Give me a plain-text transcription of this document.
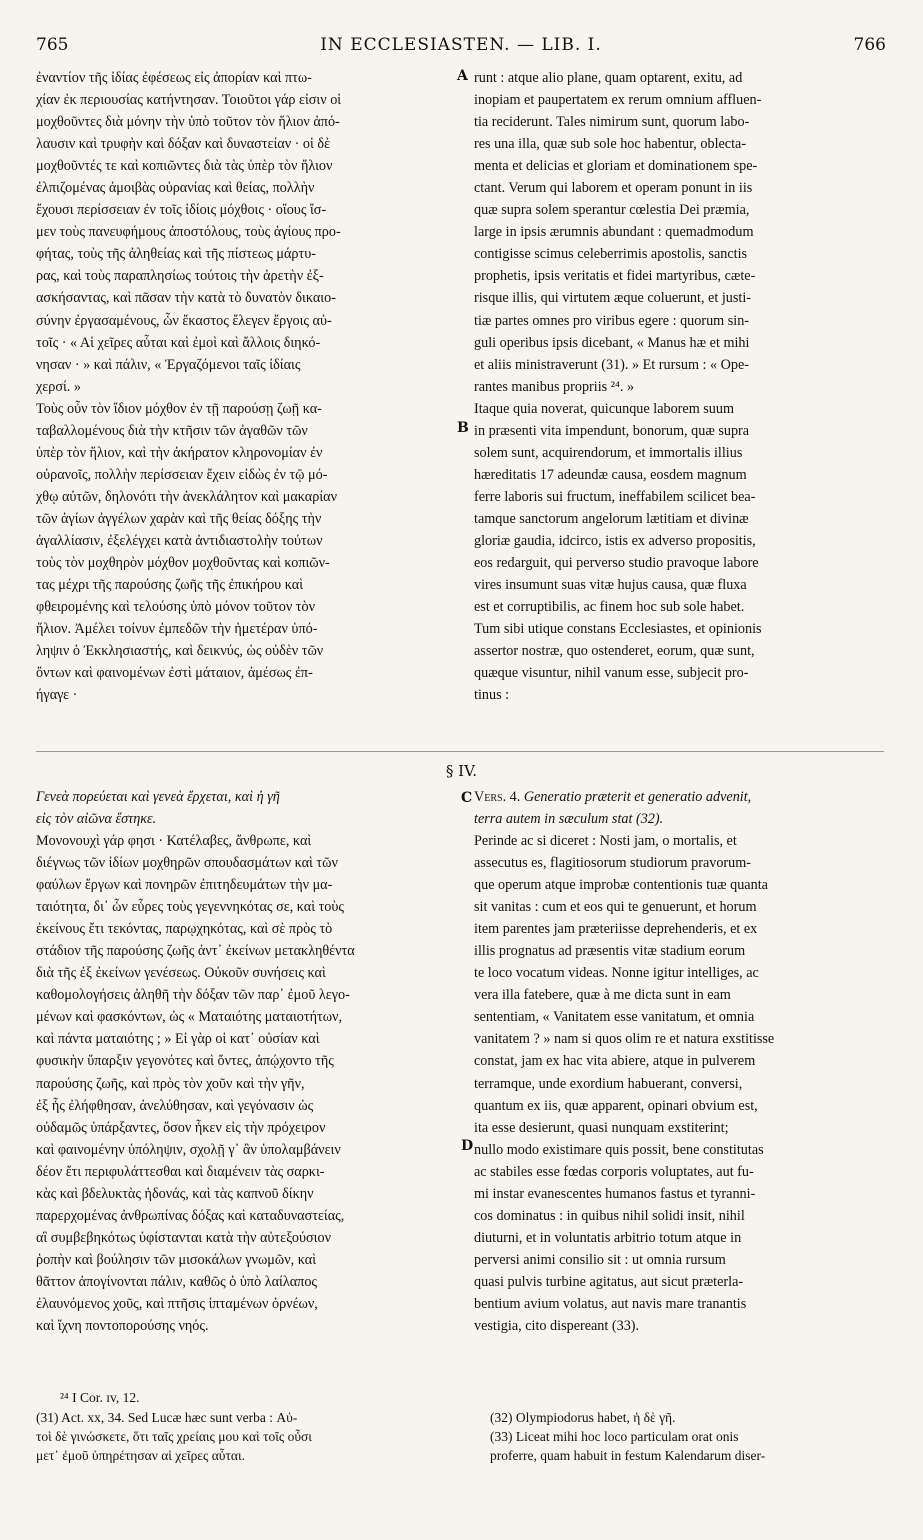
765	IN ECCLESIASTEN. — LIB. I.	766

ἐναντίον τῆς ἰδίας ἐφέσεως εἰς ἀπορίαν καὶ πτω-
χίαν ἐκ περιουσίας κατήντησαν. Τοιοῦτοι γάρ εἰσιν οἱ
μοχθοῦντες διὰ μόνην τὴν ὑπὸ τοῦτον τὸν ἥλιον ἀπό-
λαυσιν καὶ τρυφὴν καὶ δόξαν καὶ δυναστείαν · οἱ δὲ
μοχθοῦντές τε καὶ κοπιῶντες διὰ τὰς ὑπὲρ τὸν ἥλιον
ἐλπιζομένας ἀμοιβὰς οὐρανίας καὶ θείας, πολλὴν
ἔχουσι περίσσειαν ἐν τοῖς ἰδίοις μόχθοις · οἵους ἴσ-
μεν τοὺς πανευφήμους ἀποστόλους, τοὺς ἁγίους προ-
φήτας, τοὺς τῆς ἀληθείας καὶ τῆς πίστεως μάρτυ-
ρας, καὶ τοὺς παραπλησίως τούτοις τὴν ἀρετὴν ἐξ-
ασκήσαντας, καὶ πᾶσαν τὴν κατὰ τὸ δυνατὸν δικαιο-
σύνην ἐργασαμένους, ὧν ἕκαστος ἔλεγεν ἔργοις αὐ-
τοῖς · « Αἱ χεῖρες αὗται καὶ ἐμοὶ καὶ ἄλλοις διηκό-
νησαν · » καὶ πάλιν, « Ἐργαζόμενοι ταῖς ἰδίαις
χερσί. »
Τοὺς οὖν τὸν ἴδιον μόχθον ἐν τῇ παρούσῃ ζωῇ κα-
ταβαλλομένους διὰ τὴν κτῆσιν τῶν ἀγαθῶν τῶν
ὑπὲρ τὸν ἥλιον, καὶ τὴν ἀκήρατον κληρονομίαν ἐν
οὐρανοῖς, πολλὴν περίσσειαν ἔχειν εἰδὼς ἐν τῷ μό-
χθῳ αὐτῶν, δηλονότι τὴν ἀνεκλάλητον καὶ μακαρίαν
τῶν ἁγίων ἀγγέλων χαρὰν καὶ τῆς θείας δόξης τὴν
ἀγαλλίασιν, ἐξελέγχει κατὰ ἀντιδιαστολὴν τούτων
τοὺς τὸν μοχθηρὸν μόχθον μοχθοῦντας καὶ κοπιῶν-
τας μέχρι τῆς παρούσης ζωῆς τῆς ἐπικήρου καὶ
φθειρομένης καὶ τελούσης ὑπὸ μόνον τοῦτον τὸν
ἥλιον. Ἀμέλει τοίνυν ἐμπεδῶν τὴν ἡμετέραν ὑπό-
ληψιν ὁ Ἐκκλησιαστής, καὶ δεικνύς, ὡς οὐδὲν τῶν
ὄντων καὶ φαινομένων ἐστὶ μάταιον, ἀμέσως ἐπ-
ήγαγε ·

runt : atque alio plane, quam optarent, exitu, ad
inopiam et paupertatem ex rerum omnium affluen-
tia reciderunt. Tales nimirum sunt, quorum labo-
res una illa, quæ sub sole hoc habentur, oblecta-
menta et delicias et gloriam et dominationem spe-
ctant. Verum qui laborem et operam ponunt in iis
quæ supra solem sperantur cœlestia Dei præmia,
large in ipsis ærumnis abundant : quemadmodum
contigisse scimus celeberrimis apostolis, sanctis
prophetis, ipsis veritatis et fidei martyribus, cæte-
risque illis, qui virtutem æque coluerunt, et justi-
tiæ partes omnes pro viribus egere : quorum sin-
guli operibus ipsis dicebant, « Manus hæ et mihi
et aliis ministraverunt (31). » Et rursum : « Ope-
rantes manibus propriis ²⁴. »
Itaque quia noverat, quicunque laborem suum
in præsenti vita impendunt, bonorum, quæ supra
solem sunt, acquirendorum, et immortalis illius
hæreditatis 17 adeundæ causa, eosdem magnum
ferre laboris sui fructum, ineffabilem scilicet bea-
tamque sanctorum angelorum lætitiam et divinæ
gloriæ gaudia, idcirco, istis ex adverso propositis,
eos redarguit, qui perverso studio pravoque labore
vires insumunt suas vitæ hujus causa, quæ fluxa
est et corruptibilis, ac finem hoc sub sole habet.
Tum sibi utique constans Ecclesiastes, et opinionis
assertor nostræ, quo ostenderet, eorum, quæ sunt,
quæque visuntur, nihil vanum esse, subjecit pro-
tinus :

A
B
C
D
§ IV.

Γενεὰ πορεύεται καὶ γενεὰ ἔρχεται, καὶ ἡ γῆ
εἰς τὸν αἰῶνα ἕστηκε.

Vers. 4. Generatio præterit et generatio advenit,
terra autem in sæculum stat (32).

Μονονουχὶ γάρ φησι · Κατέλαβες, ἄνθρωπε, καὶ
διέγνως τῶν ἰδίων μοχθηρῶν σπουδασμάτων καὶ τῶν
φαύλων ἔργων καὶ πονηρῶν ἐπιτηδευμάτων τὴν μα-
ταιότητα, δι᾽ ὧν εὗρες τοὺς γεγεννηκότας σε, καὶ τοὺς
ἐκείνους ἔτι τεκόντας, παρῳχηκότας, καὶ σὲ πρὸς τὸ
στάδιον τῆς παρούσης ζωῆς ἀντ᾽ ἐκείνων μετακληθέντα
διὰ τῆς ἐξ ἐκείνων γενέσεως. Οὐκοῦν συνήσεις καὶ
καθομολογήσεις ἀληθῆ τὴν δόξαν τῶν παρ᾽ ἐμοῦ λεγο-
μένων καὶ φασκόντων, ὡς « Ματαιότης ματαιοτήτων,
καὶ πάντα ματαιότης ; » Εἰ γὰρ οἱ κατ᾽ οὐσίαν καὶ
φυσικὴν ὕπαρξιν γεγονότες καὶ ὄντες, ἀπῴχοντο τῆς
παρούσης ζωῆς, καὶ πρὸς τὸν χοῦν καὶ τὴν γῆν,
ἐξ ἧς ἐλήφθησαν, ἀνελύθησαν, καὶ γεγόνασιν ὡς
οὐδαμῶς ὑπάρξαντες, ὅσον ἧκεν εἰς τὴν πρόχειρον
καὶ φαινομένην ὑπόληψιν, σχολῇ γ᾽ ἂν ὑπολαμβάνειν
δέον ἔτι περιφυλάττεσθαι καὶ διαμένειν τὰς σαρκι-
κὰς καὶ βδελυκτὰς ἡδονάς, καὶ τὰς καπνοῦ δίκην
παρερχομένας ἀνθρωπίνας δόξας καὶ καταδυναστείας,
αἳ συμβεβηκότως ὑφίστανται κατὰ τὴν αὐτεξούσιον
ῥοπὴν καὶ βούλησιν τῶν μισοκάλων γνωμῶν, καὶ
θᾶττον ἀπογίνονται πάλιν, καθῶς ὁ ὑπὸ λαίλαπος
ἐλαυνόμενος χοῦς, καὶ πτῆσις ἱπταμένων ὀρνέων,
καὶ ἴχνη ποντοπορούσης νηός.

Perinde ac si diceret : Nosti jam, o mortalis, et
assecutus es, flagitiosorum studiorum pravorum-
que operum atque improbæ contentionis tuæ quanta
sit vanitas : cum et eos qui te genuerunt, et horum
item parentes jam præteriisse deprehenderis, et ex
illis prognatus ad præsentis vitæ stadium eorum
te loco vocatum videas. Nonne igitur intelliges, ac
vera illa fatebere, quæ à me dicta sunt in eam
sententiam, « Vanitatem esse vanitatum, et omnia
vanitatem ? » nam si quos olim re et natura exstitisse
constat, jam ex hac vita abiere, atque in pulverem
terramque, unde exordium habuerant, conversi,
quantum ex iis, quæ apparent, opinari obvium est,
ita esse desierunt, quasi nunquam exstiterint;
nullo modo existimare quis possit, bene constitutas
ac stabiles esse fœdas corporis voluptates, aut fu-
mi instar evanescentes humanos fastus et tyranni-
cos dominatus : in quibus nihil solidi insit, nihil
diuturni, et in voluntatis arbitrio totum atque in
perversi animi consilio sit : ut omnia rursum
quasi pulvis turbine agitatus, aut sicut præterla-
bentium avium volatus, aut navis mare tranantis
vestigia, cito dispereant (33).

²⁴ I Cor. ɪv, 12.

(31) Act. xx, 34. Sed Lucæ hæc sunt verba : Αὐ-
τοὶ δὲ γινώσκετε, ὅτι ταῖς χρείαις μου καὶ τοῖς οὖσι
μετ᾽ ἐμοῦ ὑπηρέτησαν αἱ χεῖρες αὗται.

(32) Olympiodorus habet, ἡ δὲ γῆ.

(33) Liceat mihi hoc loco particulam orat onis
proferre, quam habuit in festum Kalendarum diser-
